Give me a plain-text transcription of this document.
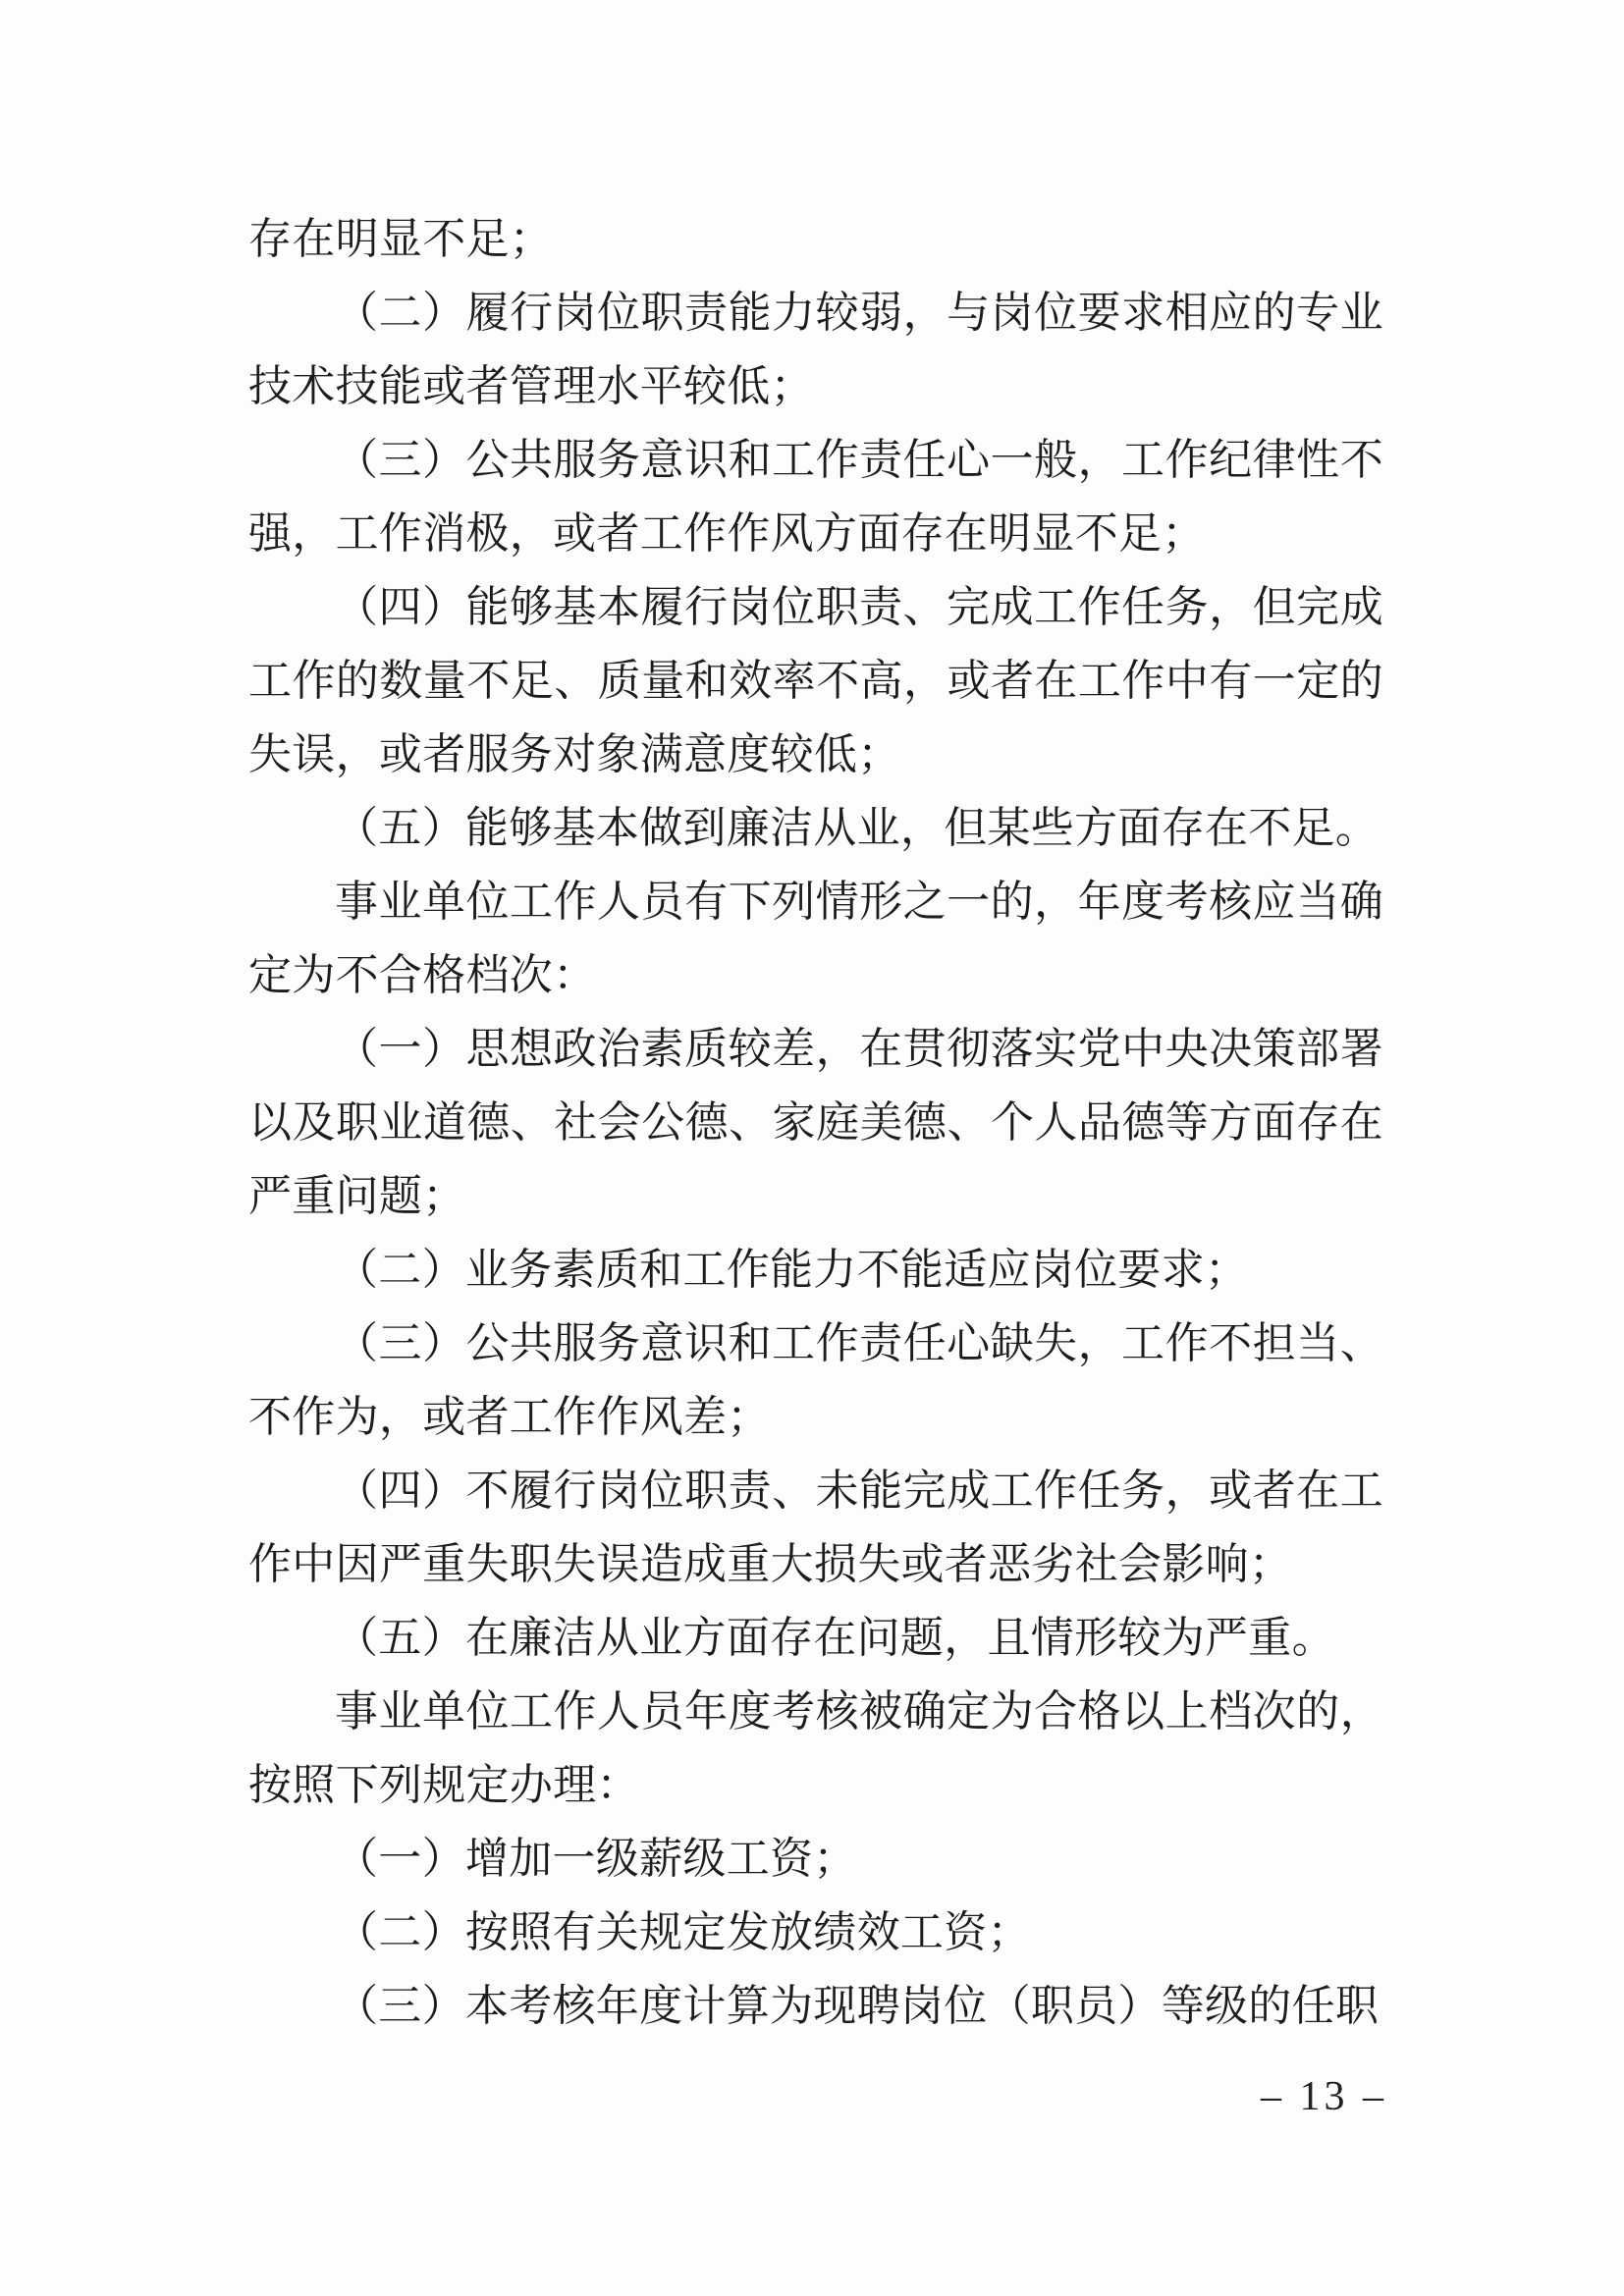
存在明显不足；

（二）履行岗位职责能力较弱，与岗位要求相应的专业技术技能或者管理水平较低；

（三）公共服务意识和工作责任心一般，工作纪律性不强，工作消极，或者工作作风方面存在明显不足；

（四）能够基本履行岗位职责、完成工作任务，但完成工作的数量不足、质量和效率不高，或者在工作中有一定的失误，或者服务对象满意度较低；

（五）能够基本做到廉洁从业，但某些方面存在不足。

事业单位工作人员有下列情形之一的，年度考核应当确定为不合格档次：

（一）思想政治素质较差，在贯彻落实党中央决策部署以及职业道德、社会公德、家庭美德、个人品德等方面存在严重问题；

（二）业务素质和工作能力不能适应岗位要求；

（三）公共服务意识和工作责任心缺失，工作不担当、不作为，或者工作作风差；

（四）不履行岗位职责、未能完成工作任务，或者在工作中因严重失职失误造成重大损失或者恶劣社会影响；

（五）在廉洁从业方面存在问题，且情形较为严重。

事业单位工作人员年度考核被确定为合格以上档次的，按照下列规定办理：

（一）增加一级薪级工资；

（二）按照有关规定发放绩效工资；

（三）本考核年度计算为现聘岗位（职员）等级的任职

– 13 –
